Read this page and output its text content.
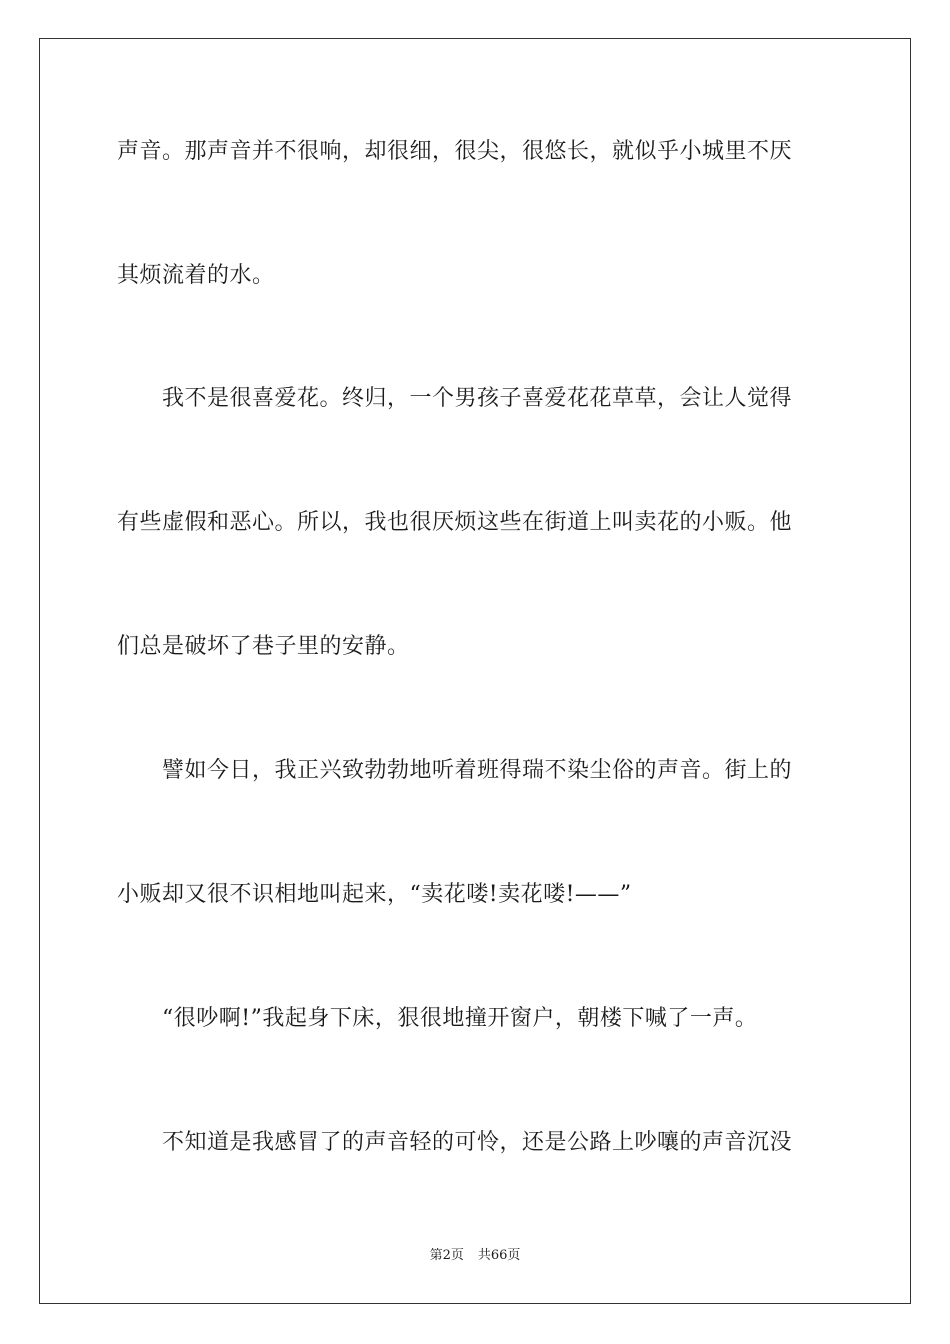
声音。那声音并不很响，却很细，很尖，很悠长，就似乎小城里不厌
其烦流着的水。
　　我不是很喜爱花。终归，一个男孩子喜爱花花草草，会让人觉得
有些虚假和恶心。所以，我也很厌烦这些在街道上叫卖花的小贩。他
们总是破坏了巷子里的安静。
　　譬如今日，我正兴致勃勃地听着班得瑞不染尘俗的声音。街上的
小贩却又很不识相地叫起来，“卖花喽!卖花喽!——”
　　“很吵啊!”我起身下床，狠很地撞开窗户，朝楼下喊了一声。
　　不知道是我感冒了的声音轻的可怜，还是公路上吵嚷的声音沉没
第2页 共66页
